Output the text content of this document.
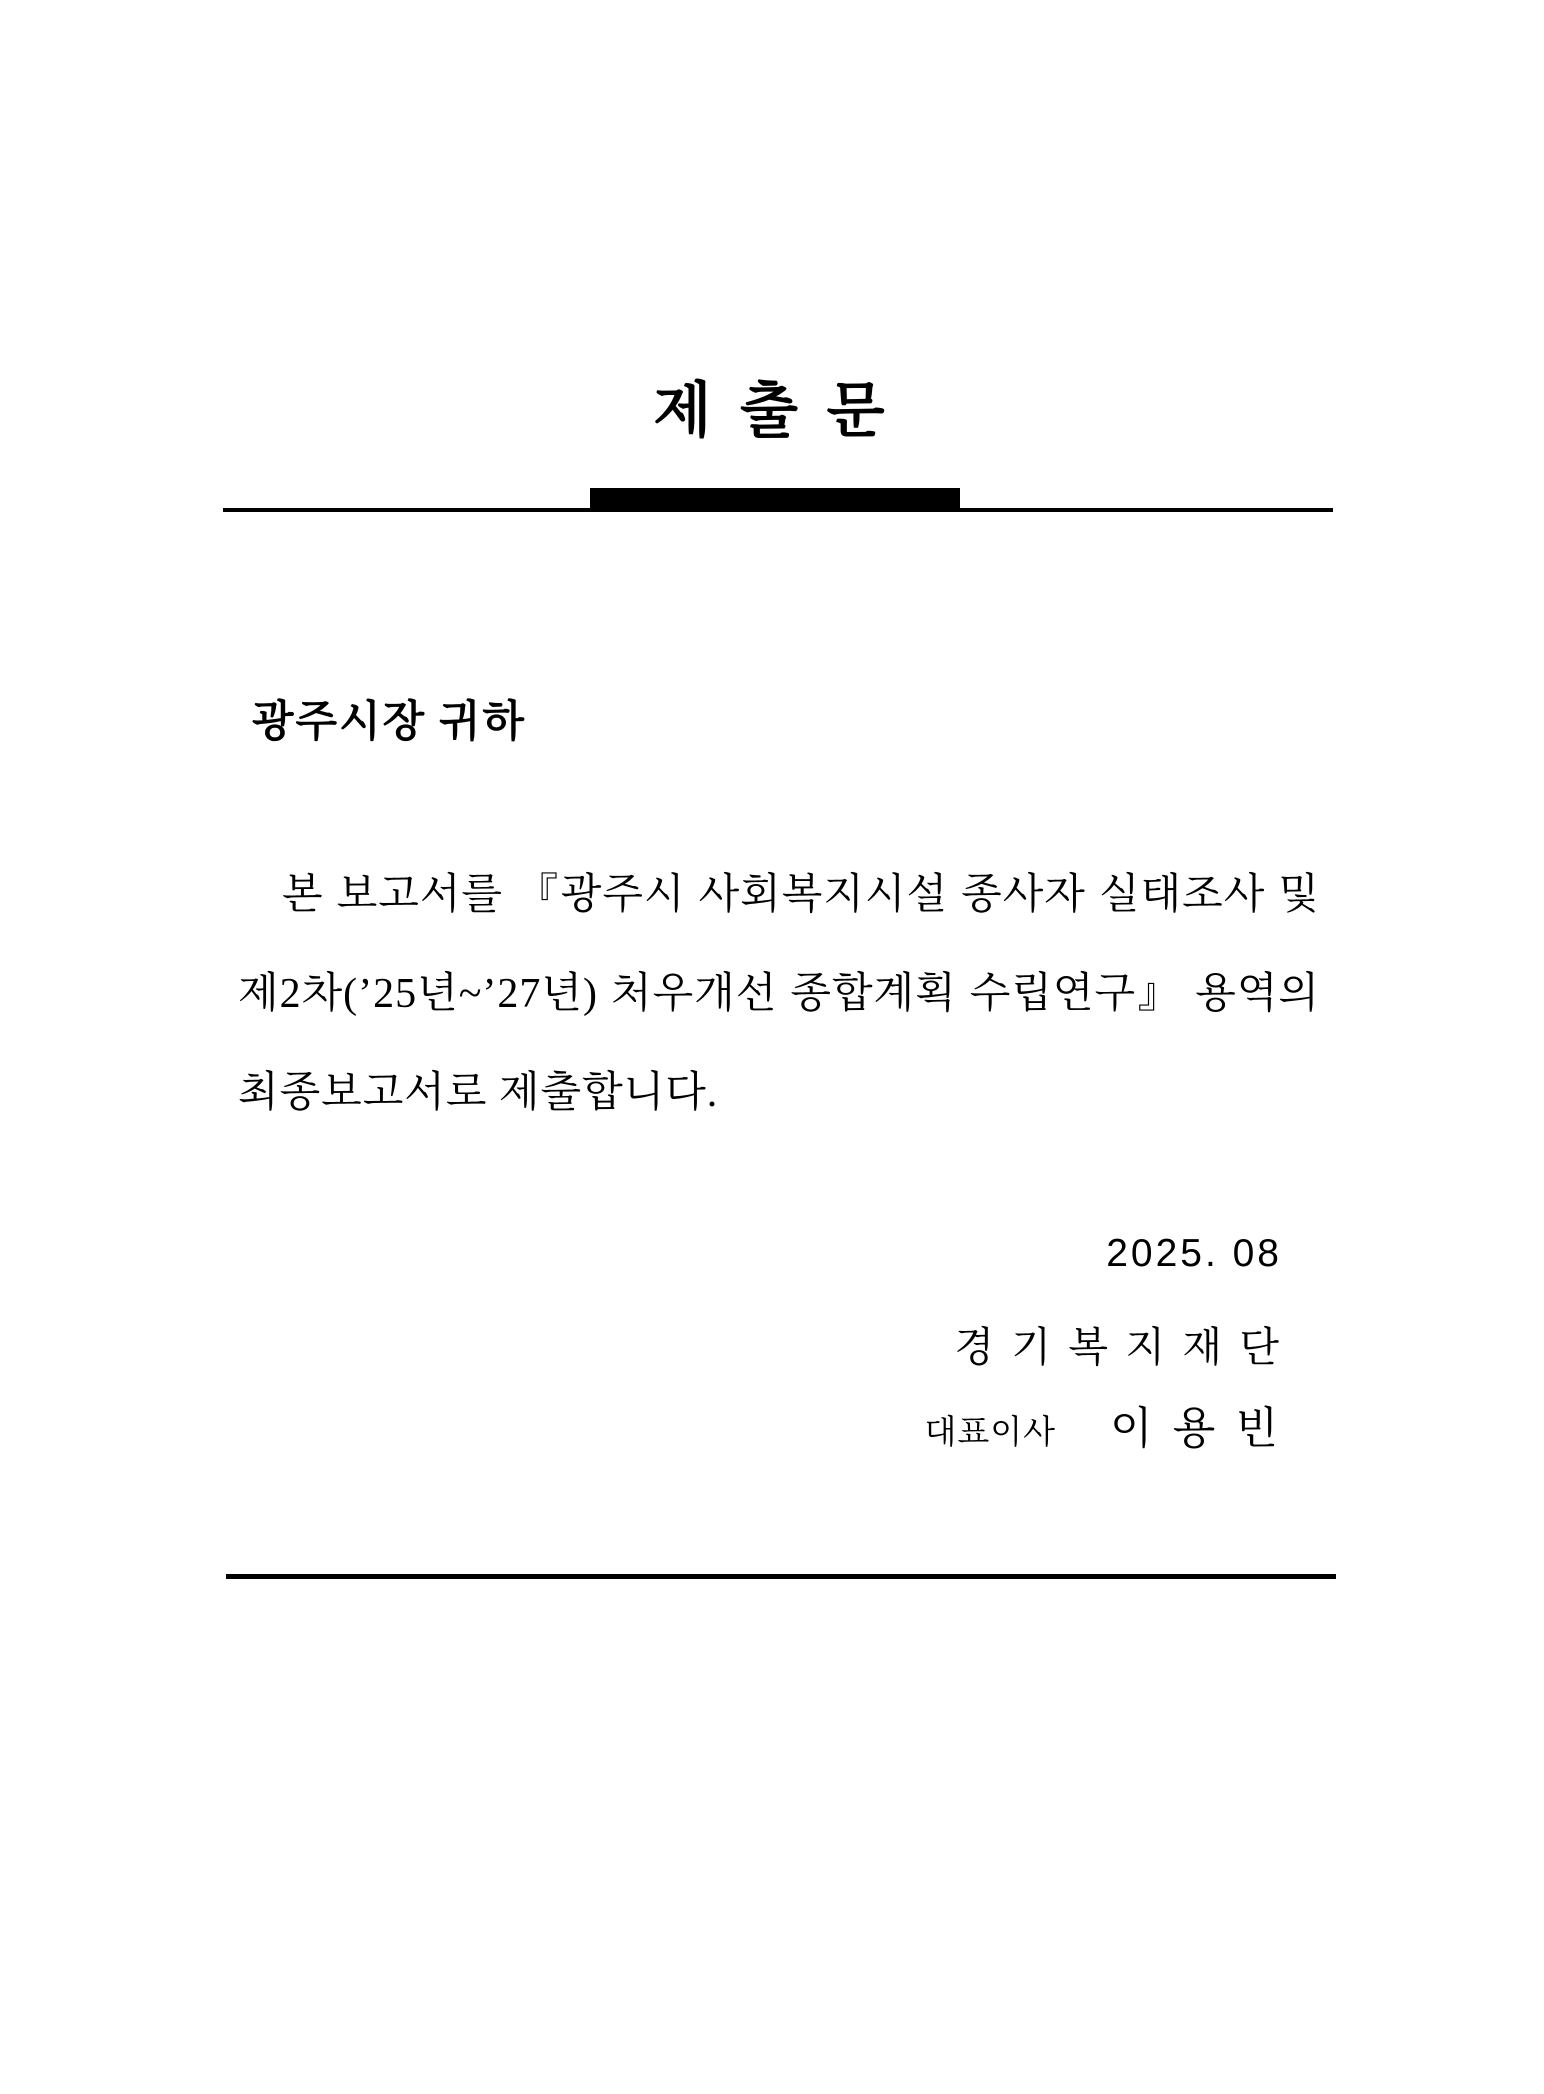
제 출 문
광주시장 귀하
본 보고서를 『광주시 사회복지시설 종사자 실태조사 및
제2차(’25년~’27년) 처우개선 종합계획 수립연구』 용역의
최종보고서로 제출합니다.
2025. 08
경 기 복 지 재 단
대표이사 이 용 빈
